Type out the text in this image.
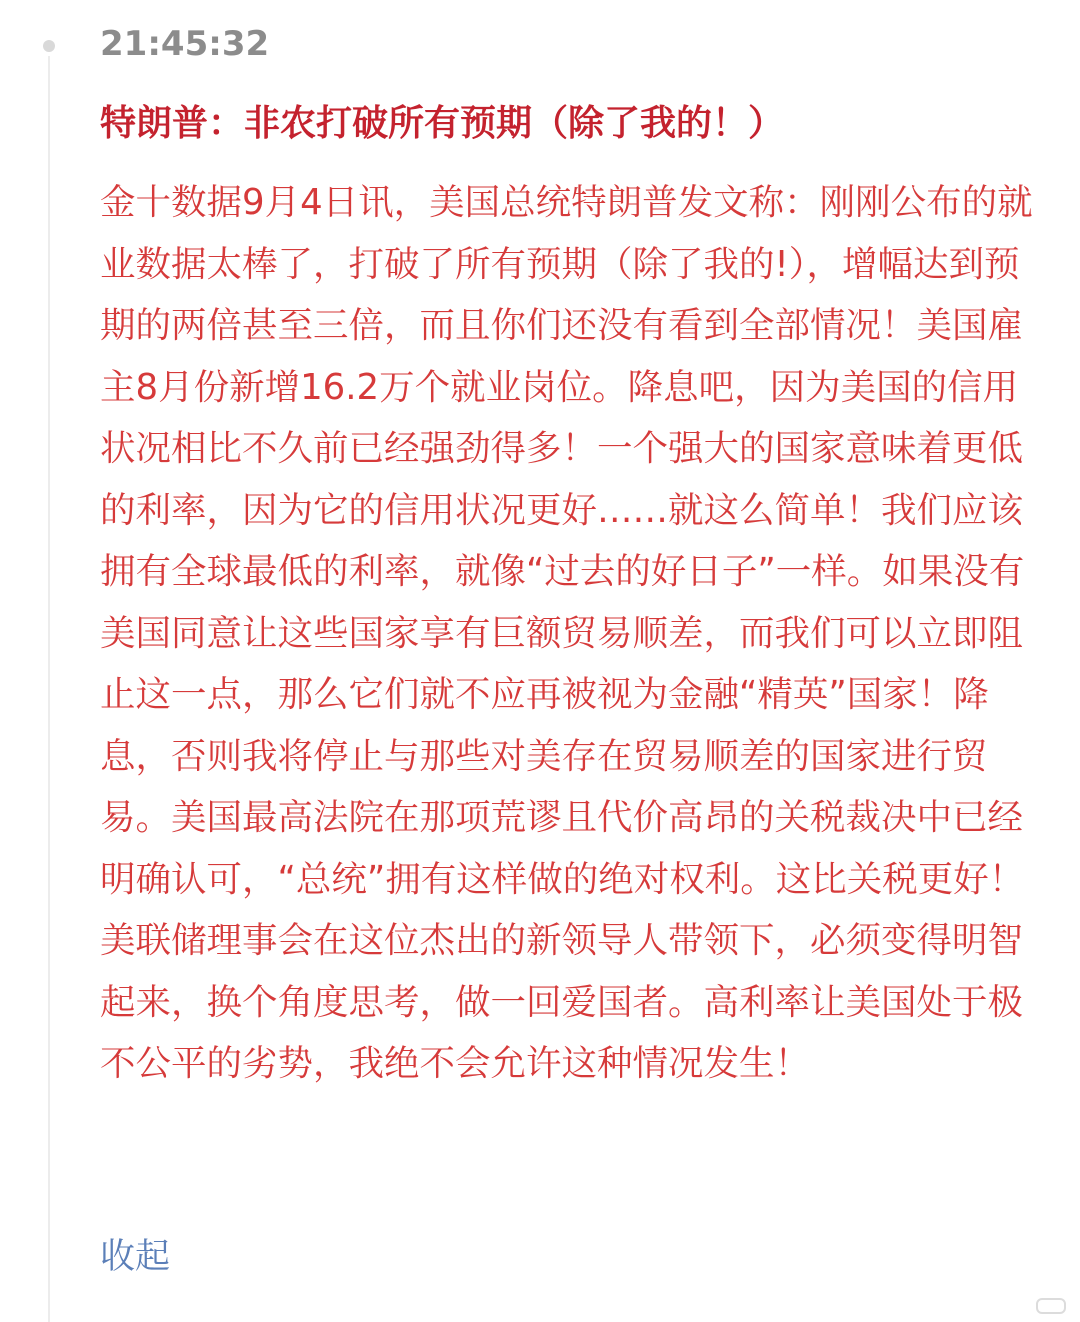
21:45:32
特朗普：非农打破所有预期（除了我的！）
金十数据9月4日讯，美国总统特朗普发文称：刚刚公布的就业数据太棒了，打破了所有预期（除了我的!），增幅达到预期的两倍甚至三倍，而且你们还没有看到全部情况！美国雇主8月份新增16.2万个就业岗位。降息吧，因为美国的信用状况相比不久前已经强劲得多！一个强大的国家意味着更低的利率，因为它的信用状况更好……就这么简单！我们应该拥有全球最低的利率，就像“过去的好日子”一样。如果没有美国同意让这些国家享有巨额贸易顺差，而我们可以立即阻止这一点，那么它们就不应再被视为金融“精英”国家！降息，否则我将停止与那些对美存在贸易顺差的国家进行贸易。美国最高法院在那项荒谬且代价高昂的关税裁决中已经明确认可，“总统”拥有这样做的绝对权利。这比关税更好！美联储理事会在这位杰出的新领导人带领下，必须变得明智起来，换个角度思考，做一回爱国者。高利率让美国处于极不公平的劣势，我绝不会允许这种情况发生！
收起
